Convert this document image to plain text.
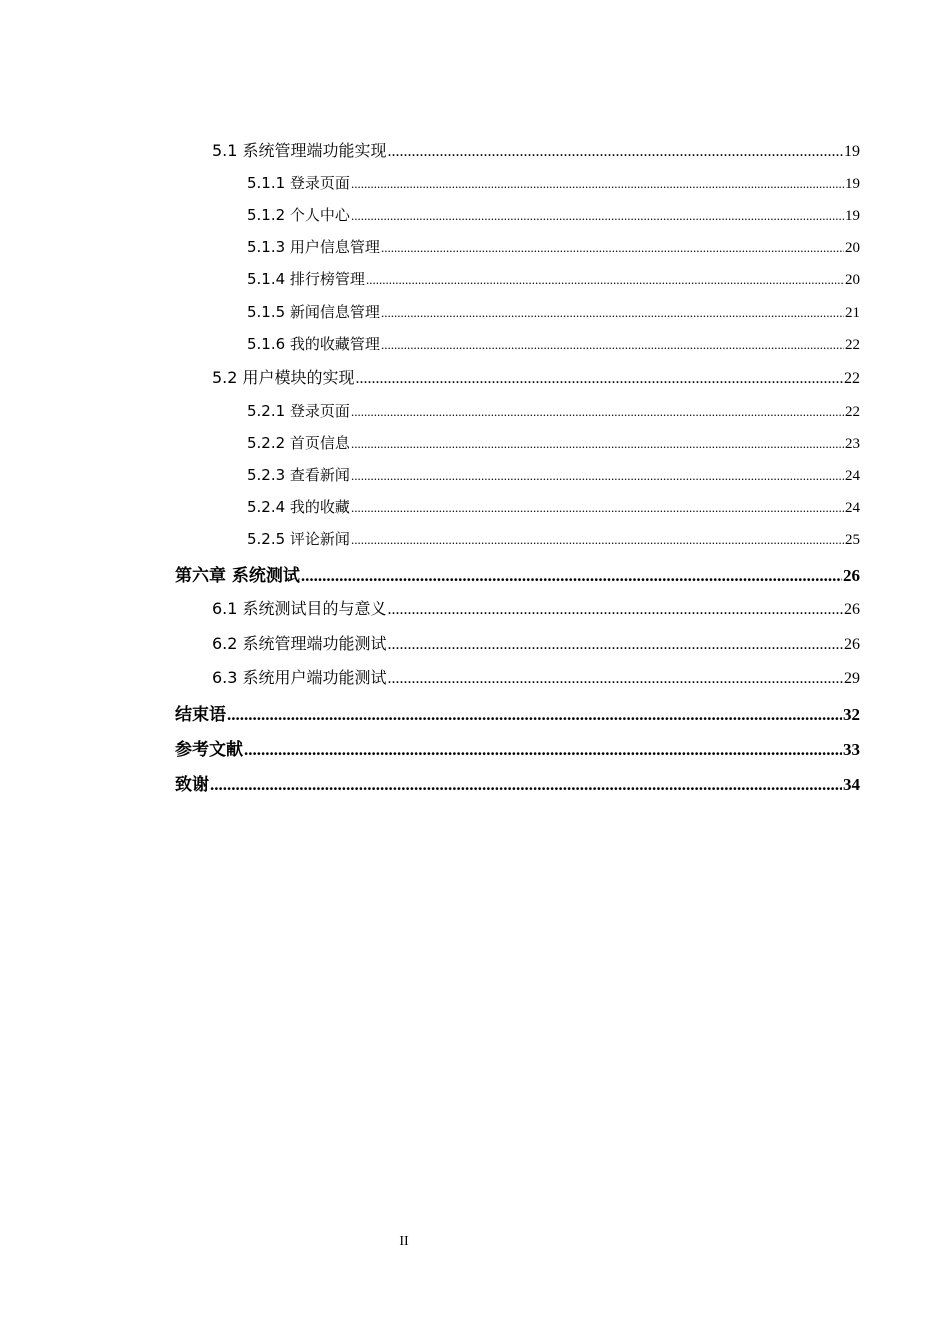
5.1 系统管理端功能实现 .....	19
5.1.1 登录页面 .....	19
5.1.2 个人中心 .....	19
5.1.3 用户信息管理 .....	20
5.1.4 排行榜管理 .....	20
5.1.5 新闻信息管理 .....	21
5.1.6 我的收藏管理 .....	22
5.2 用户模块的实现 .....	22
5.2.1 登录页面 .....	22
5.2.2 首页信息 .....	23
5.2.3 查看新闻 .....	24
5.2.4 我的收藏 .....	24
5.2.5 评论新闻 .....	25
第六章 系统测试 .....	26
6.1 系统测试目的与意义 .....	26
6.2 系统管理端功能测试 .....	26
6.3 系统用户端功能测试 .....	29
结束语 .....	32
参考文献 .....	33
致谢 .....	34
II
